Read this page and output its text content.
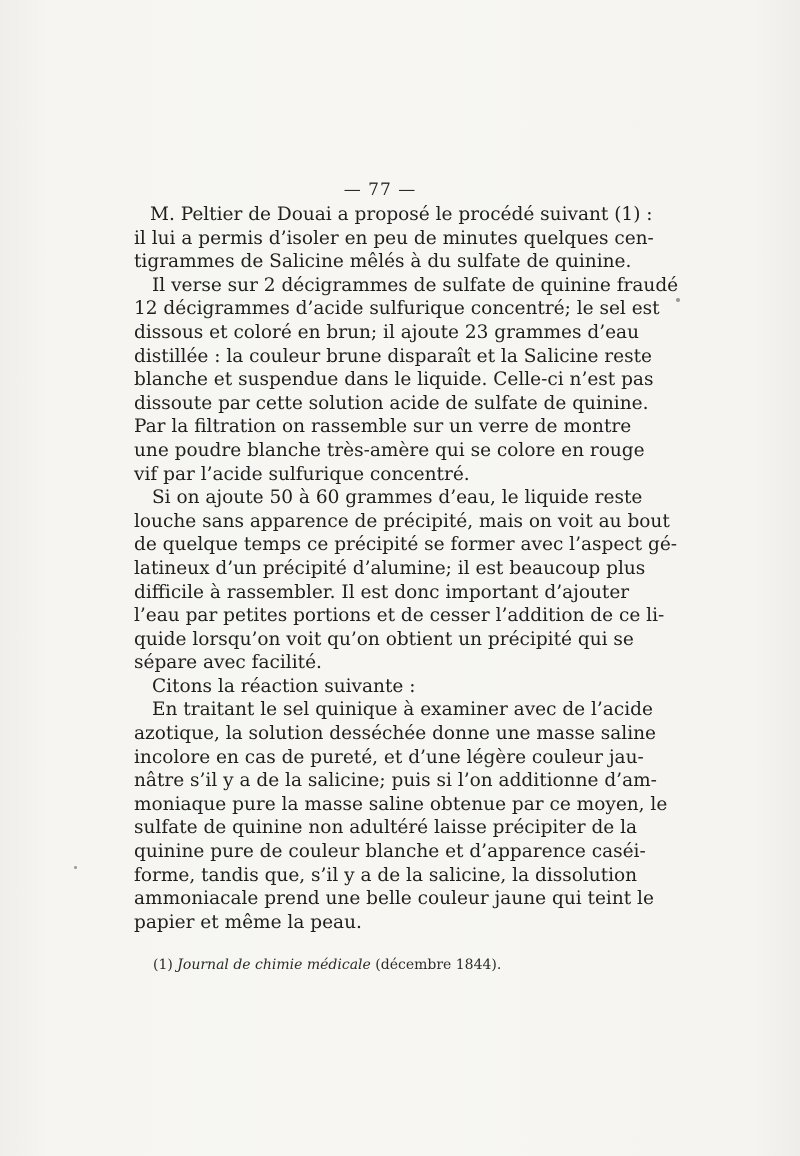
— 77 —
M. Peltier de Douai a proposé le procédé suivant (1) :
il lui a permis d’isoler en peu de minutes quelques cen-
tigrammes de Salicine mêlés à du sulfate de quinine.
Il verse sur 2 décigrammes de sulfate de quinine fraudé
12 décigrammes d’acide sulfurique concentré; le sel est
dissous et coloré en brun; il ajoute 23 grammes d’eau
distillée : la couleur brune disparaît et la Salicine reste
blanche et suspendue dans le liquide. Celle-ci n’est pas
dissoute par cette solution acide de sulfate de quinine.
Par la filtration on rassemble sur un verre de montre
une poudre blanche très-amère qui se colore en rouge
vif par l’acide sulfurique concentré.
Si on ajoute 50 à 60 grammes d’eau, le liquide reste
louche sans apparence de précipité, mais on voit au bout
de quelque temps ce précipité se former avec l’aspect gé-
latineux d’un précipité d’alumine; il est beaucoup plus
difficile à rassembler. Il est donc important d’ajouter
l’eau par petites portions et de cesser l’addition de ce li-
quide lorsqu’on voit qu’on obtient un précipité qui se
sépare avec facilité.
Citons la réaction suivante :
En traitant le sel quinique à examiner avec de l’acide
azotique, la solution desséchée donne une masse saline
incolore en cas de pureté, et d’une légère couleur jau-
nâtre s’il y a de la salicine; puis si l’on additionne d’am-
moniaque pure la masse saline obtenue par ce moyen, le
sulfate de quinine non adultéré laisse précipiter de la
quinine pure de couleur blanche et d’apparence caséi-
forme, tandis que, s’il y a de la salicine, la dissolution
ammoniacale prend une belle couleur jaune qui teint le
papier et même la peau.
(1) Journal de chimie médicale (décembre 1844).
